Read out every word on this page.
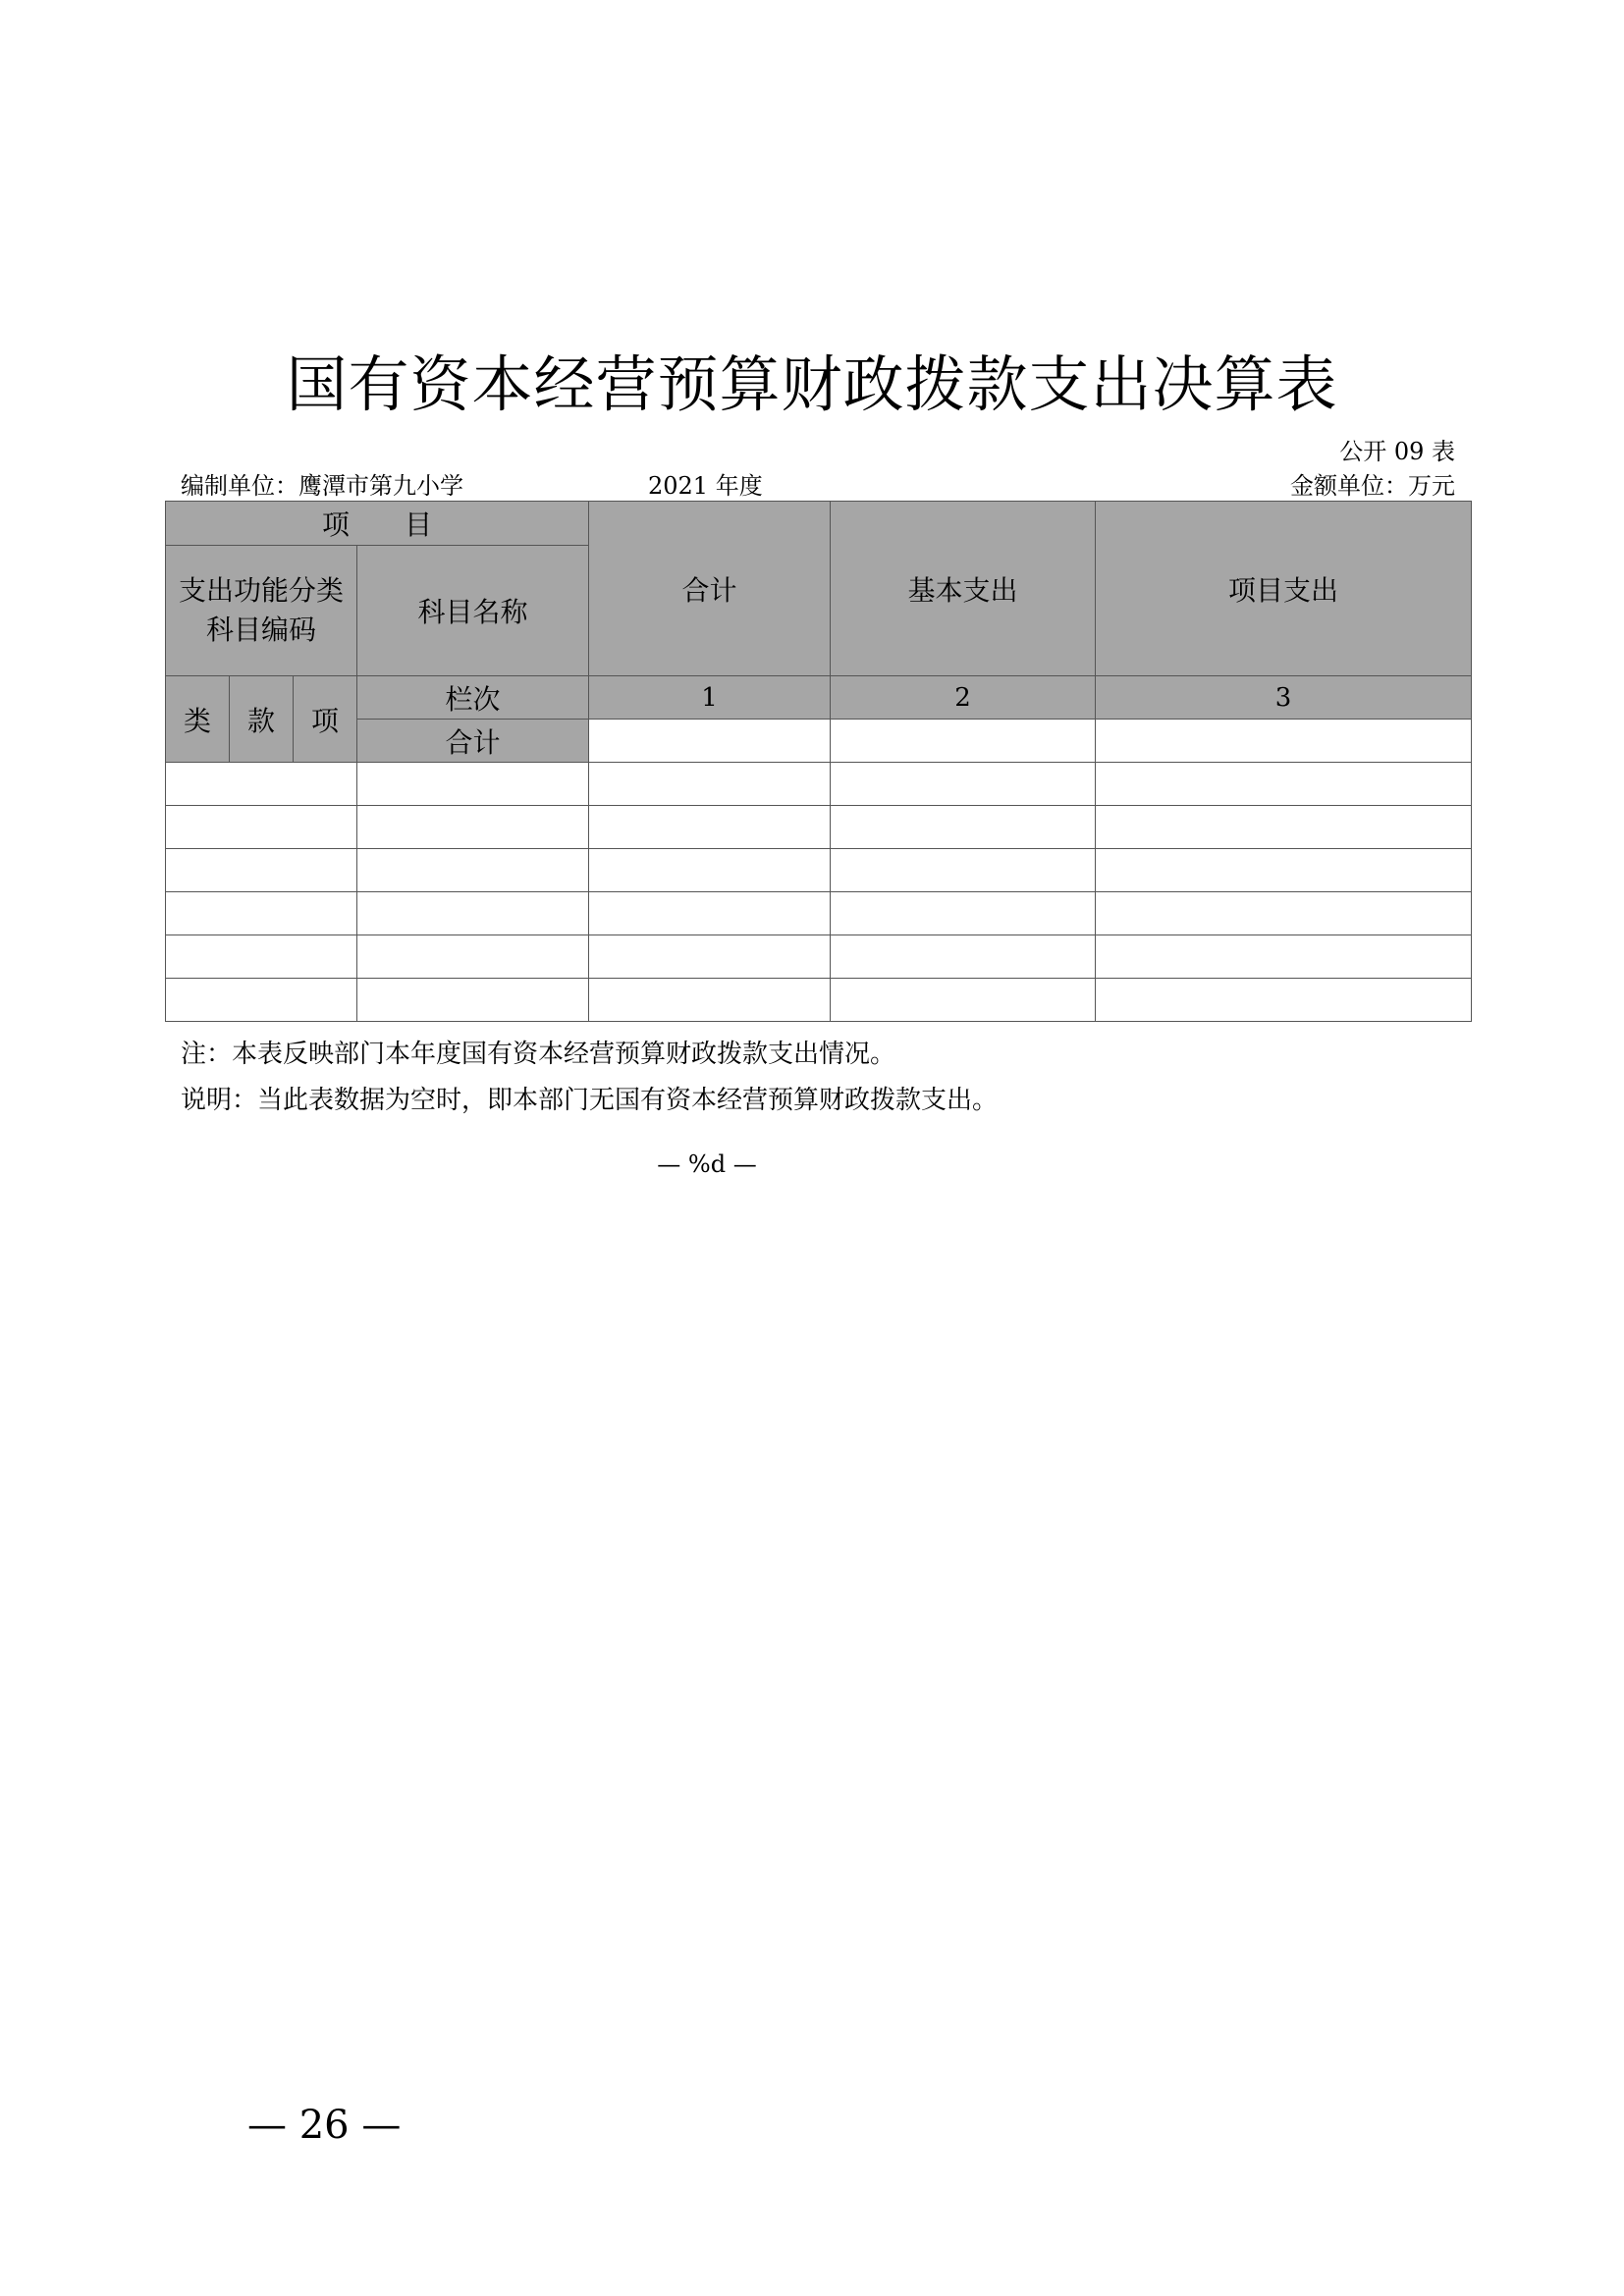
国有资本经营预算财政拨款支出决算表
公开 09 表
编制单位：鹰潭市第九小学	2021 年度	金额单位：万元
项　　目				合计	基本支出	项目支出
支出功能分类科目编码			科目名称			
类	款	项	栏次	1	2	3
			合计			

注：本表反映部门本年度国有资本经营预算财政拨款支出情况。
说明：当此表数据为空时，即本部门无国有资本经营预算财政拨款支出。
— %d —
— 26 —
